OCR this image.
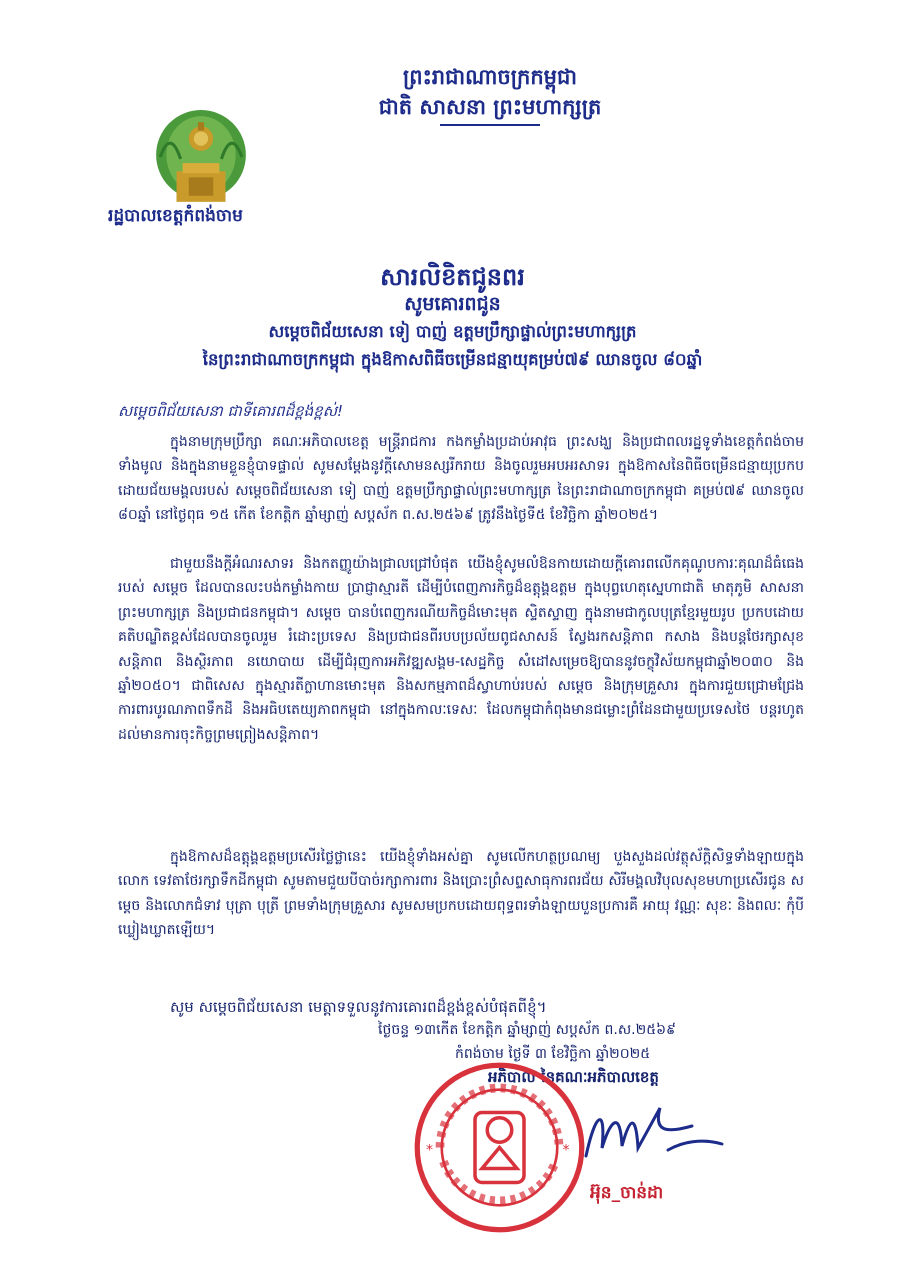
ព្រះរាជាណាចក្រកម្ពុជា
ជាតិ សាសនា ព្រះមហាក្សត្រ
រដ្ឋបាលខេត្តកំពង់ចាម
សារលិខិតជូនពរ
សូមគោរពជូន
សម្តេចពិជ័យសេនា ទៀ បាញ់ ឧត្តមប្រឹក្សាផ្ទាល់ព្រះមហាក្សត្រ
នៃព្រះរាជាណាចក្រកម្ពុជា ក្នុងឱកាសពិធីចម្រើនជន្មាយុគម្រប់៧៩ ឈានចូល ៨០ឆ្នាំ
សម្តេចពិជ័យសេនា ជាទីគោរពដ៏ខ្ពង់ខ្ពស់!
ក្នុងនាមក្រុមប្រឹក្សា គណៈអភិបាលខេត្ត មន្ត្រីរាជការ កងកម្លាំងប្រដាប់អាវុធ ព្រះសង្ឃ និងប្រជាពលរដ្ឋទូទាំងខេត្តកំពង់ចាមទាំងមូល និងក្នុងនាមខ្លួនខ្ញុំបាទផ្ទាល់ សូមសម្តែងនូវក្តីសោមនស្សរីករាយ និងចូលរួមអបអរសាទរ ក្នុងឱកាសនៃពិធីចម្រើនជន្មាយុប្រកបដោយជ័យមង្គលរបស់ សម្តេចពិជ័យសេនា ទៀ បាញ់ ឧត្តមប្រឹក្សាផ្ទាល់ព្រះមហាក្សត្រ នៃព្រះរាជាណាចក្រកម្ពុជា គម្រប់៧៩ ឈានចូល ៨០ឆ្នាំ នៅថ្ងៃពុធ ១៥ កើត ខែកត្តិក ឆ្នាំម្សាញ់ សប្តស័ក ព.ស.២៥៦៩ ត្រូវនឹងថ្ងៃទី៥ ខែវិច្ឆិកា ឆ្នាំ២០២៥។
ជាមួយនឹងក្តីអំណរសាទរ និងកតញ្ញូយ៉ាងជ្រាលជ្រៅបំផុត យើងខ្ញុំសូមលំឱនកាយដោយក្តីគោរពលើកគុណូបការៈគុណដ៏ធំធេងរបស់ សម្តេច ដែលបានលះបង់កម្លាំងកាយ ប្រាជ្ញាស្មារតី ដើម្បីបំពេញភារកិច្ចដ៏ឧត្តុង្គឧត្តម ក្នុងបុព្វហេតុស្នេហាជាតិ មាតុភូមិ សាសនា ព្រះមហាក្សត្រ និងប្រជាជនកម្ពុជា។ សម្តេច បានបំពេញករណីយកិច្ចដ៏មោះមុត ស្ទិតស្ទាញ ក្នុងនាមជាកូលបុត្រខ្មែរមួយរូប ប្រកបដោយគតិបណ្ឌិតខ្ពស់ដែលបានចូលរួម រំដោះប្រទេស និងប្រជាជនពីរបបប្រល័យពូជសាសន៍ ស្វែងរកសន្តិភាព កសាង និងបន្តថែរក្សាសុខសន្តិភាព និងស្ថិរភាព នយោបាយ ដើម្បីជំរុញការអភិវឌ្ឍសង្គម-សេដ្ឋកិច្ច សំដៅសម្រេចឱ្យបាននូវចក្ខុវិស័យកម្ពុជាឆ្នាំ២០៣០ និងឆ្នាំ២០៥០។ ជាពិសេស ក្នុងស្មារតីក្លាហានមោះមុត និងសកម្មភាពដ៏ស្វាហាប់របស់ សម្តេច និងក្រុមគ្រួសារ ក្នុងការជួយជ្រោមជ្រែង ការពារបូរណភាពទឹកដី និងអធិបតេយ្យភាពកម្ពុជា នៅក្នុងកាលៈទេសៈ ដែលកម្ពុជាកំពុងមានជម្លោះព្រំដែនជាមួយប្រទេសថៃ បន្តរហូតដល់មានការចុះកិច្ចព្រមព្រៀងសន្តិភាព។
ក្នុងឱកាសដ៏ឧត្តុង្គឧត្តមប្រសើរថ្លៃថ្លានេះ យើងខ្ញុំទាំងអស់គ្នា សូមលើកហត្ថប្រណម្យ បួងសួងដល់វត្ថុស័ក្តិសិទ្ធទាំងឡាយក្នុងលោក ទេវតាថែរក្សាទឹកដីកម្ពុជា សូមតាមជួយបីបាច់រក្សាការពារ និងប្រោះព្រំសព្ទសាធុការពរជ័យ សិរីមង្គលវិបុលសុខមហាប្រសើរជូន សម្តេច និងលោកជំទាវ បុត្រា បុត្រី ព្រមទាំងក្រុមគ្រួសារ សូមសមប្រកបដោយពុទ្ធពរទាំងឡាយបួនប្រការគឺ អាយុ វណ្ណៈ សុខៈ និងពលៈ កុំបីឃ្លៀងឃ្លាតឡើយ។
សូម សម្តេចពិជ័យសេនា មេត្តាទទួលនូវការគោរពដ៏ខ្ពង់ខ្ពស់បំផុតពីខ្ញុំ។
ថ្ងៃចន្ទ ១៣កើត ខែកត្តិក ឆ្នាំម្សាញ់ សប្តស័ក ព.ស.២៥៦៩
កំពង់ចាម ថ្ងៃទី ៣ ខែវិច្ឆិកា ឆ្នាំ២០២៥
អភិបាល នៃគណៈអភិបាលខេត្ត
*	*
អ៊ុន_ចាន់ដា
